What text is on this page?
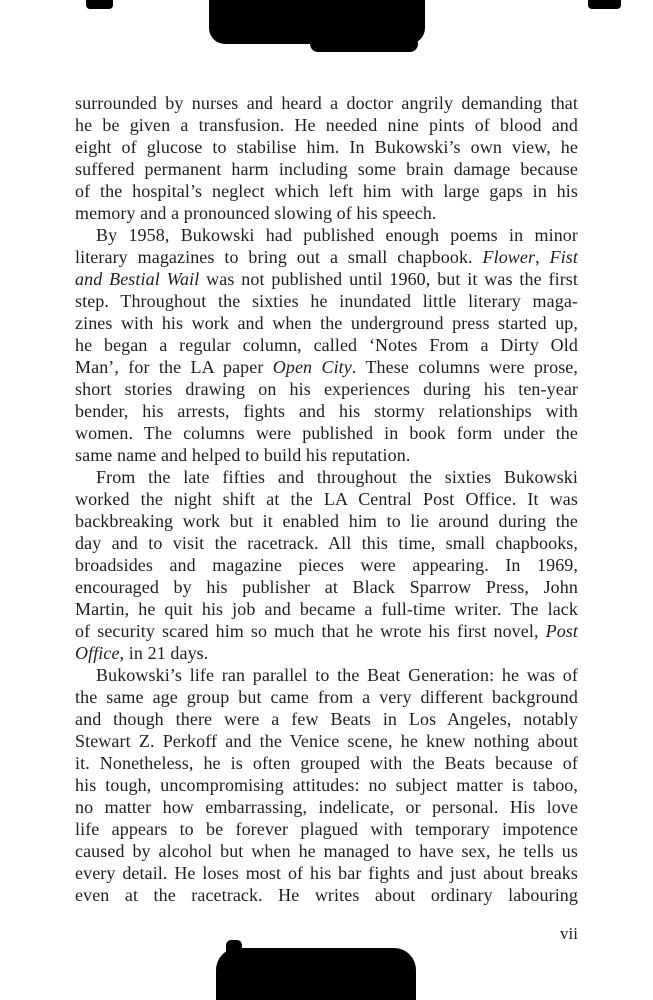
surrounded by nurses and heard a doctor angrily demanding that
he be given a transfusion. He needed nine pints of blood and
eight of glucose to stabilise him. In Bukowski’s own view, he
suffered permanent harm including some brain damage because
of the hospital’s neglect which left him with large gaps in his
memory and a pronounced slowing of his speech.
By 1958, Bukowski had published enough poems in minor
literary magazines to bring out a small chapbook. Flower, Fist
and Bestial Wail was not published until 1960, but it was the first
step. Throughout the sixties he inundated little literary maga-
zines with his work and when the underground press started up,
he began a regular column, called ‘Notes From a Dirty Old
Man’, for the LA paper Open City. These columns were prose,
short stories drawing on his experiences during his ten-year
bender, his arrests, fights and his stormy relationships with
women. The columns were published in book form under the
same name and helped to build his reputation.
From the late fifties and throughout the sixties Bukowski
worked the night shift at the LA Central Post Office. It was
backbreaking work but it enabled him to lie around during the
day and to visit the racetrack. All this time, small chapbooks,
broadsides and magazine pieces were appearing. In 1969,
encouraged by his publisher at Black Sparrow Press, John
Martin, he quit his job and became a full-time writer. The lack
of security scared him so much that he wrote his first novel, Post
Office, in 21 days.
Bukowski’s life ran parallel to the Beat Generation: he was of
the same age group but came from a very different background
and though there were a few Beats in Los Angeles, notably
Stewart Z. Perkoff and the Venice scene, he knew nothing about
it. Nonetheless, he is often grouped with the Beats because of
his tough, uncompromising attitudes: no subject matter is taboo,
no matter how embarrassing, indelicate, or personal. His love
life appears to be forever plagued with temporary impotence
caused by alcohol but when he managed to have sex, he tells us
every detail. He loses most of his bar fights and just about breaks
even at the racetrack. He writes about ordinary labouring
vii
